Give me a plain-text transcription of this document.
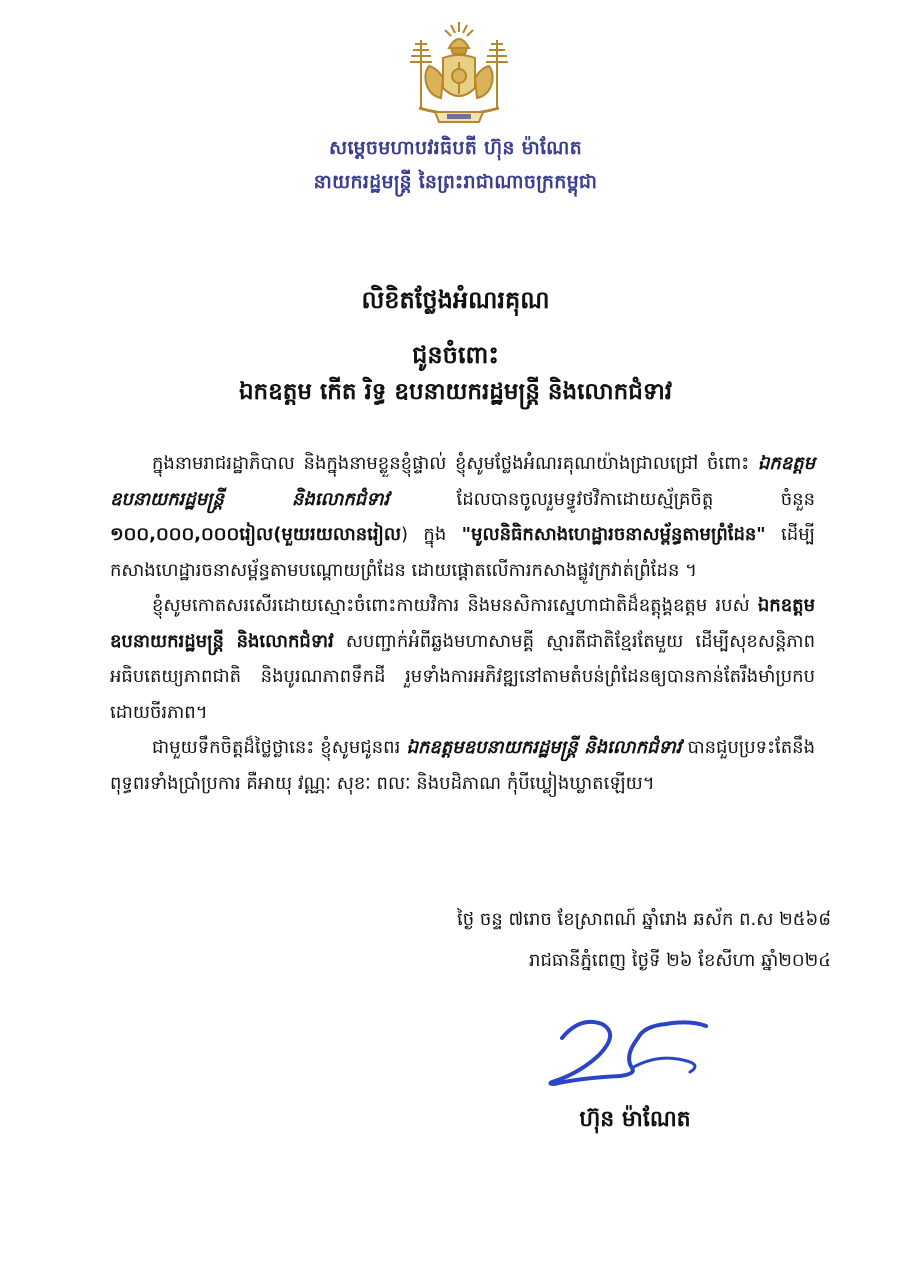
សម្តេចមហាបវរធិបតី ហ៊ុន ម៉ាណែត
នាយករដ្ឋមន្ត្រី នៃព្រះរាជាណាចក្រកម្ពុជា
លិខិតថ្លែងអំណរគុណ
ជូនចំពោះ
ឯកឧត្តម កើត រិទ្ធ ឧបនាយករដ្ឋមន្ត្រី និងលោកជំទាវ

ក្នុងនាមរាជរដ្ឋាភិបាល និងក្នុងនាមខ្លួនខ្ញុំផ្ទាល់ ខ្ញុំសូមថ្លែងអំណរគុណយ៉ាងជ្រាលជ្រៅ ចំពោះ ឯកឧត្តមឧបនាយករដ្ឋមន្ត្រី និងលោកជំទាវ ដែលបានចូលរួមទ្ធូវថវិកាដោយស្ម័គ្រចិត្ត ចំនួន ១០០,០០០,០០០រៀល(មួយរយលានរៀល) ក្នុង "មូលនិធិកសាងហេដ្ឋារចនាសម្ព័ន្ធតាមព្រំដែន" ដើម្បីកសាងហេដ្ឋារចនាសម្ព័ន្ធតាមបណ្តោយព្រំដែន ដោយផ្តោតលើការកសាងផ្លូវក្រវាត់ព្រំដែន ។

ខ្ញុំសូមកោតសរសើរដោយស្មោះចំពោះកាយវិការ និងមនសិការស្នេហាជាតិដ៏ឧត្តុង្គឧត្តម របស់ ឯកឧត្តមឧបនាយករដ្ឋមន្ត្រី និងលោកជំទាវ សបញ្ជាក់អំពីឆ្លងមហាសាមគ្គី ស្មារតីជាតិខ្មែរតែមួយ ដើម្បីសុខសន្តិភាព អធិបតេយ្យភាពជាតិ និងបូរណភាពទឹកដី រួមទាំងការអភិវឌ្ឍនៅតាមតំបន់ព្រំដែនឲ្យបានកាន់តែរឹងមាំប្រកបដោយចីរភាព។

ជាមួយទឹកចិត្តដ៏ថ្លៃថ្លានេះ ខ្ញុំសូមជូនពរ ឯកឧត្តមឧបនាយករដ្ឋមន្ត្រី និងលោកជំទាវ បានជួបប្រទះតែនឹងពុទ្ធពរទាំងប្រាំប្រការ គឺអាយុ វណ្ណៈ សុខៈ ពលៈ និងបដិភាណ កុំបីឃ្លៀងឃ្លាតឡើយ។

ថ្ងៃ ចន្ទ ៧រោច ខែស្រាពណ៍ ឆ្នាំរោង ឆស័ក ព.ស ២៥៦៨
រាជធានីភ្នំពេញ ថ្ងៃទី ២៦ ខែសីហា ឆ្នាំ២០២៤
ហ៊ុន ម៉ាណែត
